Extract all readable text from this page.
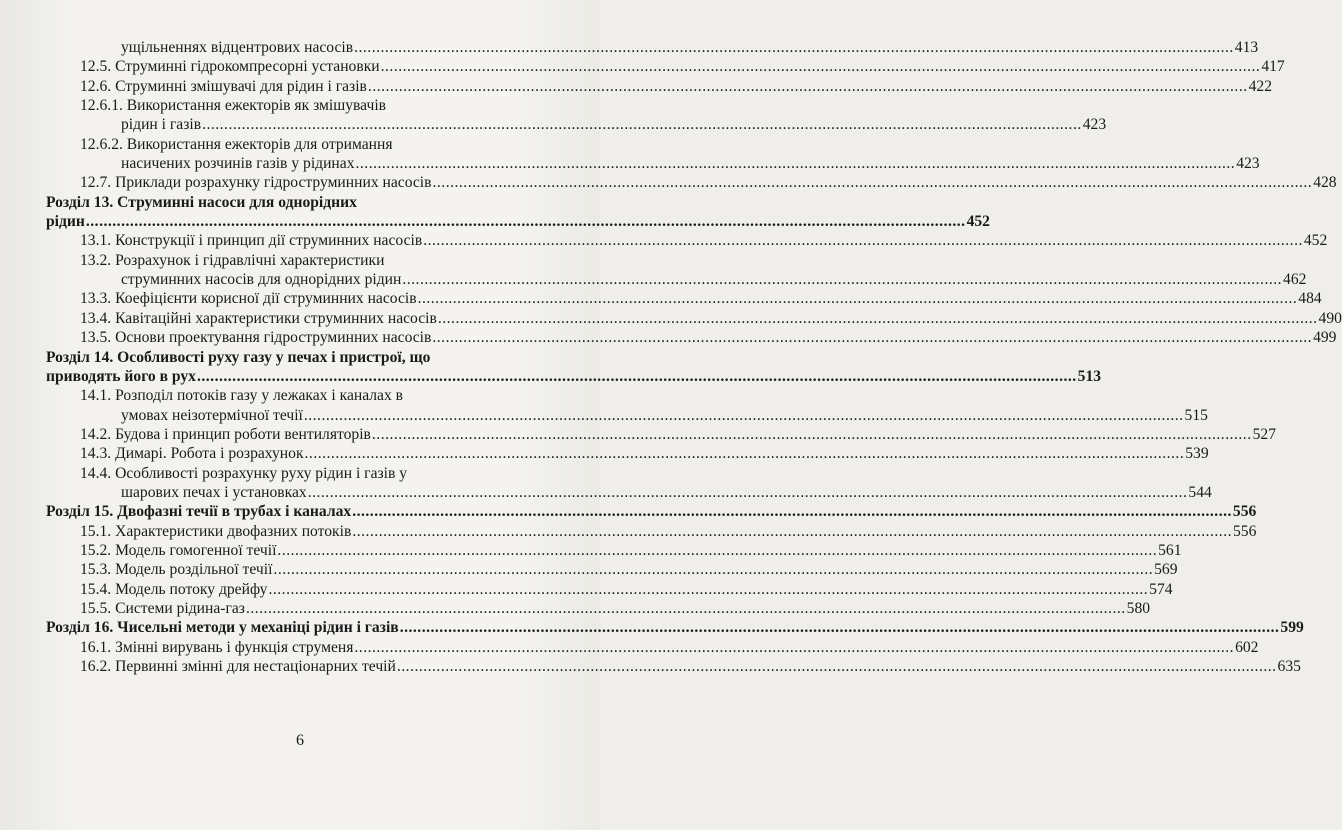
ущільненнях відцентрових насосів ........................................................................................................................................................................................................ 413
12.5. Струминні гідрокомпресорні установки ........................................................................................................................................................................................................ 417
12.6. Струминні змішувачі для рідин і газів ........................................................................................................................................................................................................ 422
12.6.1. Використання ежекторів як змішувачів
рідин і газів ........................................................................................................................................................................................................ 423
12.6.2. Використання ежекторів для отримання
насичених розчинів газів у рідинах ........................................................................................................................................................................................................ 423
12.7. Приклади розрахунку гідроструминних насосів ........................................................................................................................................................................................................ 428
Розділ 13. Струминні насоси для однорідних
рідин ........................................................................................................................................................................................................ 452
13.1. Конструкції і принцип дії струминних насосів ........................................................................................................................................................................................................ 452
13.2. Розрахунок і гідравлічні характеристики
струминних насосів для однорідних рідин ........................................................................................................................................................................................................ 462
13.3. Коефіцієнти корисної дії струминних насосів ........................................................................................................................................................................................................ 484
13.4. Кавітаційні характеристики струминних насосів ........................................................................................................................................................................................................ 490
13.5. Основи проектування гідроструминних насосів ........................................................................................................................................................................................................ 499
Розділ 14. Особливості руху газу у печах і пристрої, що
приводять його в рух ........................................................................................................................................................................................................ 513
14.1. Розподіл потоків газу у лежаках і каналах в
умовах неізотермічної течії ........................................................................................................................................................................................................ 515
14.2. Будова і принцип роботи вентиляторів ........................................................................................................................................................................................................ 527
14.3. Димарі. Робота і розрахунок ........................................................................................................................................................................................................ 539
14.4. Особливості розрахунку руху рідин і газів у
шарових печах і установках ........................................................................................................................................................................................................ 544
Розділ 15. Двофазні течії в трубах і каналах ........................................................................................................................................................................................................ 556
15.1. Характеристики двофазних потоків ........................................................................................................................................................................................................ 556
15.2. Модель гомогенної течії ........................................................................................................................................................................................................ 561
15.3. Модель роздільної течії ........................................................................................................................................................................................................ 569
15.4. Модель потоку дрейфу ........................................................................................................................................................................................................ 574
15.5. Системи рідина-газ ........................................................................................................................................................................................................ 580
Розділ 16. Чисельні методи у механіці рідин і газів ........................................................................................................................................................................................................ 599
16.1. Змінні вирувань і функція струменя ........................................................................................................................................................................................................ 602
16.2. Первинні змінні для нестаціонарних течій ........................................................................................................................................................................................................ 635
6
